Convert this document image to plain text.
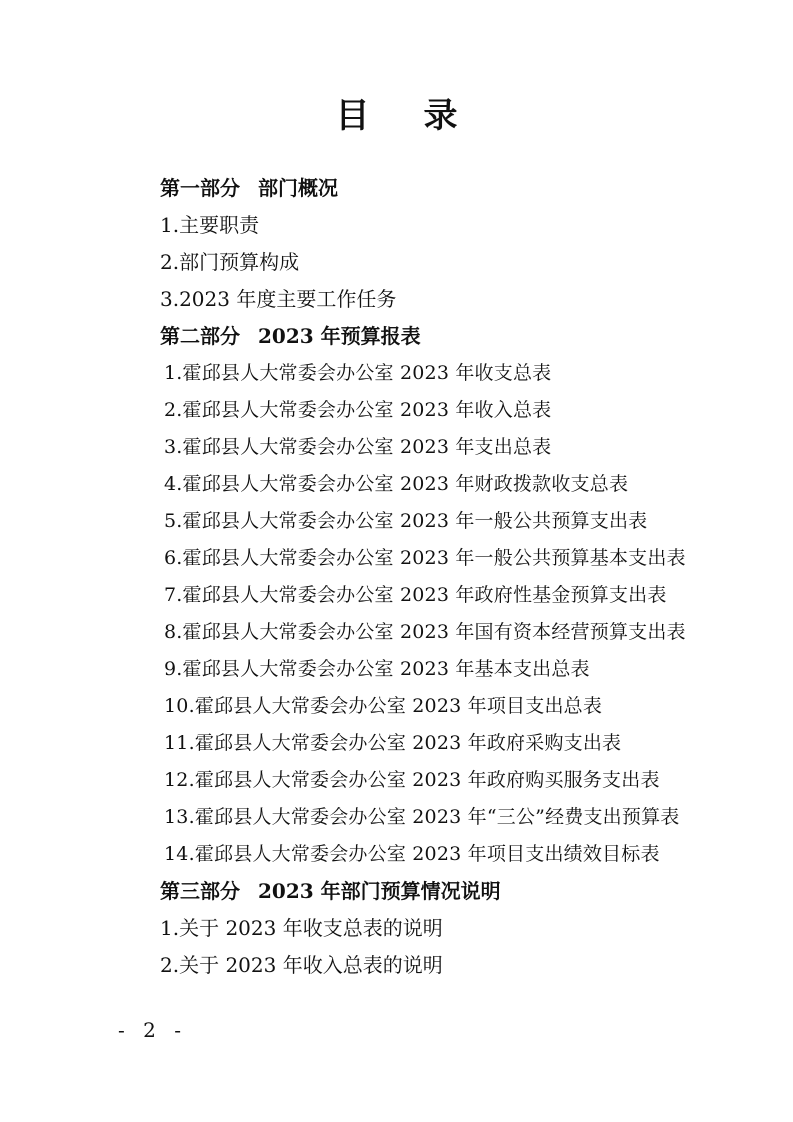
目 录
第一部分 部门概况
1.主要职责
2.部门预算构成
3.2023 年度主要工作任务
第二部分 2023 年预算报表
1.霍邱县人大常委会办公室 2023 年收支总表
2.霍邱县人大常委会办公室 2023 年收入总表
3.霍邱县人大常委会办公室 2023 年支出总表
4.霍邱县人大常委会办公室 2023 年财政拨款收支总表
5.霍邱县人大常委会办公室 2023 年一般公共预算支出表
6.霍邱县人大常委会办公室 2023 年一般公共预算基本支出表
7.霍邱县人大常委会办公室 2023 年政府性基金预算支出表
8.霍邱县人大常委会办公室 2023 年国有资本经营预算支出表
9.霍邱县人大常委会办公室 2023 年基本支出总表
10.霍邱县人大常委会办公室 2023 年项目支出总表
11.霍邱县人大常委会办公室 2023 年政府采购支出表
12.霍邱县人大常委会办公室 2023 年政府购买服务支出表
13.霍邱县人大常委会办公室 2023 年“三公”经费支出预算表
14.霍邱县人大常委会办公室 2023 年项目支出绩效目标表
第三部分 2023 年部门预算情况说明
1.关于 2023 年收支总表的说明
2.关于 2023 年收入总表的说明
- 2 -
